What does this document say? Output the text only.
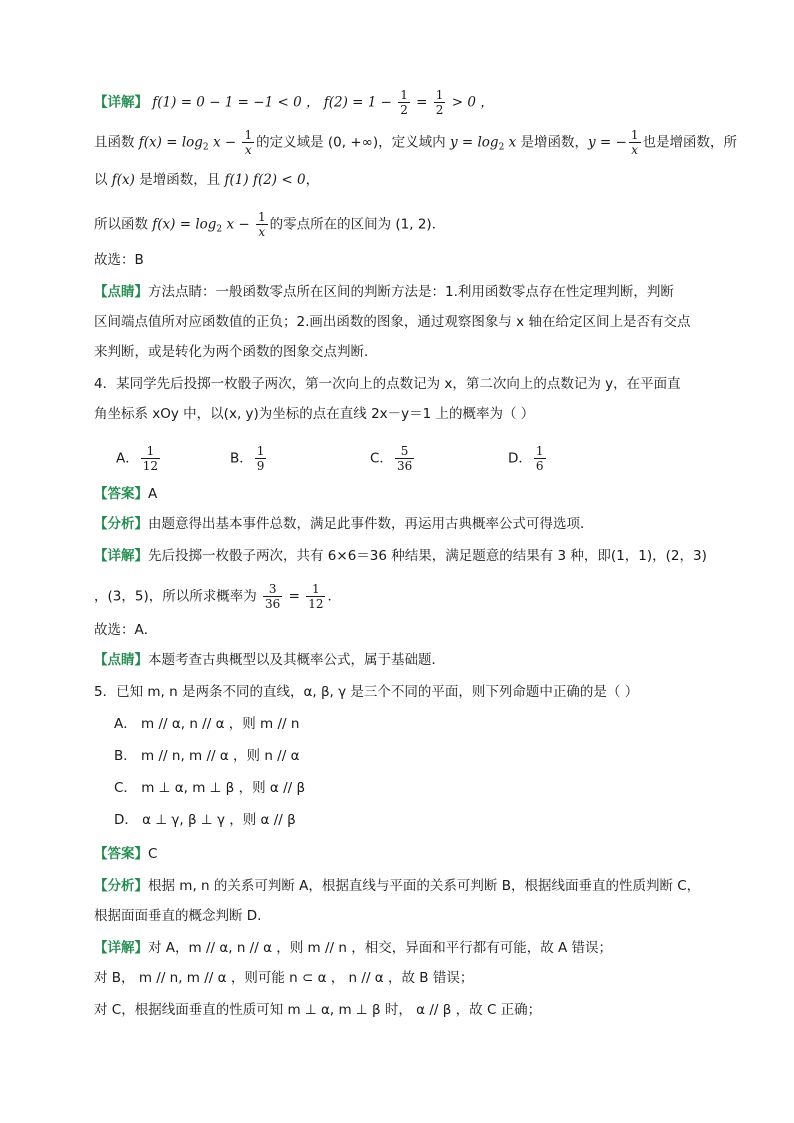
【详解】 f(1) = 0 − 1 = −1 < 0 ， $f(2) = 1 - \frac{1}{2} = \frac{1}{2} > 0$ ，
且函数 $f(x) = \log_2 x - \frac{1}{x}$ 的定义域是 (0, +∞)，定义域内 $y = \log_2 x$ 是增函数，y = − $\frac{1}{x}$ 也是增函数，所
以 f(x) 是增函数，且 f(1) f(2) < 0，
所以函数 $f(x) = \log_2 x - \frac{1}{x}$ 的零点所在的区间为 (1, 2)．
故选：B
【点睛】方法点睛：一般函数零点所在区间的判断方法是：1.利用函数零点存在性定理判断，判断
区间端点值所对应函数值的正负；2.画出函数的图象，通过观察图象与 x 轴在给定区间上是否有交点
来判断，或是转化为两个函数的图象交点判断．
4．某同学先后投掷一枚骰子两次，第一次向上的点数记为 x，第二次向上的点数记为 y，在平面直
角坐标系 xOy 中，以(x, y)为坐标的点在直线 2x－y＝1 上的概率为（ ）
A． $\frac{1}{12}$	B． $\frac{1}{9}$	C． $\frac{5}{36}$	D． $\frac{1}{6}$
【答案】A
【分析】由题意得出基本事件总数，满足此事件数，再运用古典概率公式可得选项．
【详解】先后投掷一枚骰子两次，共有 6×6＝36 种结果，满足题意的结果有 3 种，即(1，1)，(2，3)
，(3，5)，所以所求概率为 $\frac{3}{36} = \frac{1}{12}$ ．
故选：A．
【点睛】本题考查古典概型以及其概率公式，属于基础题．
5．已知 m, n 是两条不同的直线，α, β, γ 是三个不同的平面，则下列命题中正确的是（ ）
A． m // α, n // α ，则 m // n
B． m // n, m // α ，则 n // α
C． m ⊥ α, m ⊥ β ，则 α // β
D． α ⊥ γ, β ⊥ γ ，则 α // β
【答案】C
【分析】根据 m, n 的关系可判断 A，根据直线与平面的关系可判断 B，根据线面垂直的性质判断 C，
根据面面垂直的概念判断 D.
【详解】对 A，m // α, n // α ，则 m // n ，相交，异面和平行都有可能，故 A 错误；
对 B， m // n, m // α ，则可能 n ⊂ α ， n // α ，故 B 错误；
对 C，根据线面垂直的性质可知 m ⊥ α, m ⊥ β 时， α // β ，故 C 正确；
